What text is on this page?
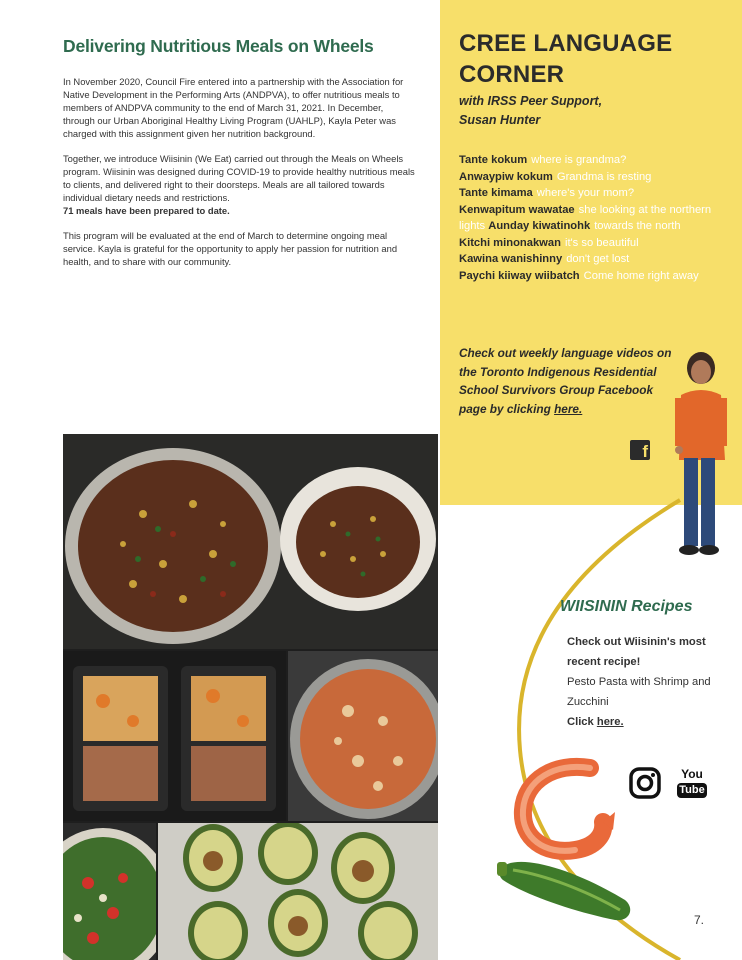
Delivering Nutritious Meals on Wheels

In November 2020, Council Fire entered into a partnership with the Association for Native Development in the Performing Arts (ANDPVA), to offer nutritious meals to members of ANDPVA community to the end of March 31, 2021. In December, through our Urban Aboriginal Healthy Living Program (UAHLP), Kayla Peter was charged with this assignment given her nutrition background.

Together, we introduce Wiisinin (We Eat) carried out through the Meals on Wheels program. Wiisinin was designed during COVID-19 to provide healthy nutritious meals to clients, and delivered right to their doorsteps. Meals are all tailored towards individual dietary needs and restrictions.
71 meals have been prepared to date.

This program will be evaluated at the end of March to determine ongoing meal service. Kayla is grateful for the opportunity to apply her passion for nutrition and health, and to share with our community.

CREE LANGUAGE
CORNER
with IRSS Peer Support,
Susan Hunter
Tante kokum where is grandma?
Anwaypiw kokum Grandma is resting
Tante kimama where's your mom?
Kenwapitum wawatae she looking at the northern lights Aunday kiwatinohk towards the north
Kitchi minonakwan it's so beautiful
Kawina wanishinny don't get lost
Paychi kiiway wiibatch Come home right away
Check out weekly language videos on the Toronto Indigenous Residential School Survivors Group Facebook page by clicking here.
f
WIISININ Recipes
Check out Wiisinin's most recent recipe!
Pesto Pasta with Shrimp and Zucchini
Click here.
You
Tube
7.
